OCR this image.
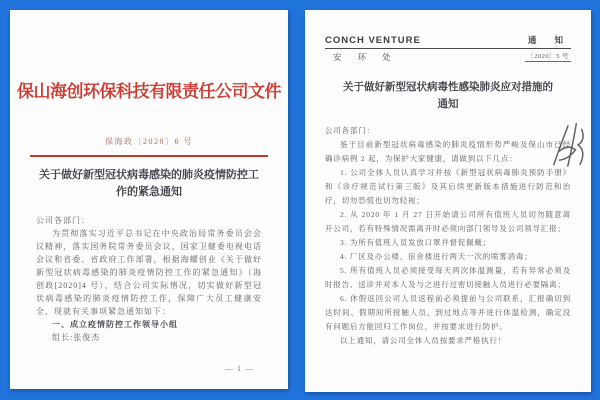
保山海创环保科技有限责任公司文件
保海政〔2020〕6 号
关于做好新型冠状病毒感染的肺炎疫情防控工
作的紧急通知

公司各部门：

为贯彻落实习近平总书记在中央政治局常务委员会会议精神，落实国务院常务委员会议、国家卫健委电视电话会议和省委、省政府工作部署，根据海螺创业《关于做好新型冠状病毒感染的肺炎疫情防控工作的紧急通知》（海创政[2020]4 号），结合公司实际情况，切实做好新型冠状病毒感染的肺炎疫情防控工作，保障广大员工健康安全，现就有关事项紧急通知如下：

一、成立疫情防控工作领导小组

组长:张俊杰

— 1 —
CONCH VENTURE	通 知
安 环 处	〔2020〕5 号
关于做好新型冠状病毒性感染肺炎应对措施的
通知

公司各部门：

鉴于目前新型冠状病毒感染的肺炎疫情形势严峻及保山市已经确诊病例 2 起，为保护大家健康，请做到以下几点：

1. 公司全体人员认真学习并按《新型冠状病毒肺炎预防手册》和《诊疗规范试行第三版》及其后续更新版本措施进行防范和治疗，切勿恐慌也切勿轻视；

2. 从 2020 年 1 月 27 日开始请公司所有值班人员切勿随意离开公司，若有特殊情况需离开时必须向部门领导及公司领导汇报；

3. 为所有值班人员发放口罩并督促佩戴；

4. 厂区及办公楼、宿舍楼进行两天一次的喷雾消毒；

5. 所有值班人员必须接受每天两次体温测量，若有异常必须及时报告、送诊并对本人及与之进行过密切接触人员进行必要隔离；

6. 休假返回公司人员返程前必须提前与公司联系，汇报确切到达时间、假期间所接触人员、到过地点等并进行体温检测，确定没有问题后方能回归工作岗位，并按要求进行防护。

以上通知，请公司全体人员按要求严格执行！
